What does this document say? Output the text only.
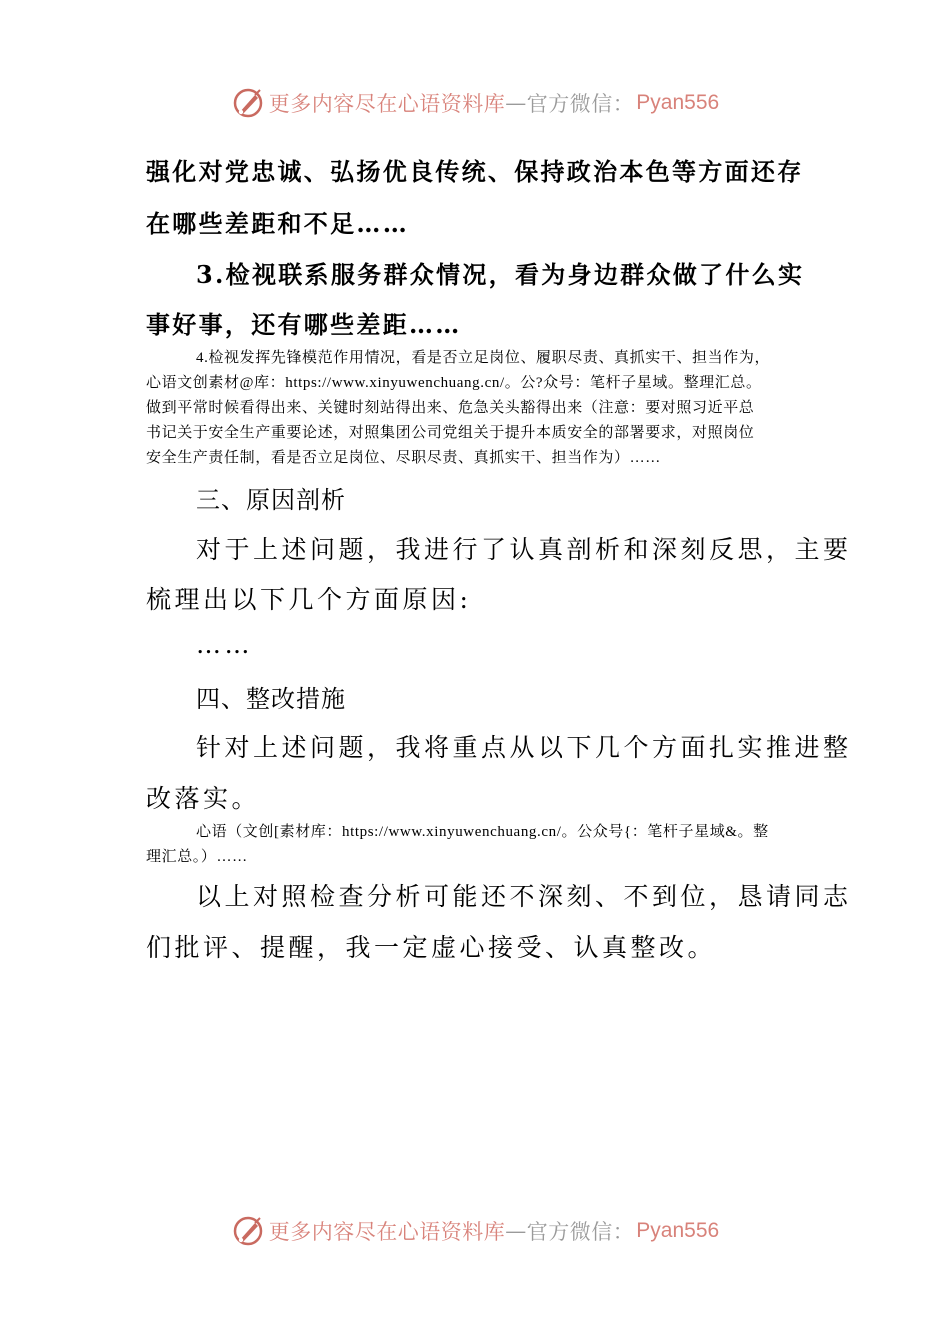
更多内容尽在心语资料库 — 官方微信： Pyan556
强化对党忠诚、弘扬优良传统、保持政治本色等方面还存
在哪些差距和不足……
3.检视联系服务群众情况，看为身边群众做了什么实
事好事，还有哪些差距……
4.检视发挥先锋模范作用情况，看是否立足岗位、履职尽责、真抓实干、担当作为，
心语文创素材@库：https://www.xinyuwenchuang.cn/。公?众号：笔杆子星域。整理汇总。
做到平常时候看得出来、关键时刻站得出来、危急关头豁得出来（注意：要对照习近平总
书记关于安全生产重要论述，对照集团公司党组关于提升本质安全的部署要求，对照岗位
安全生产责任制，看是否立足岗位、尽职尽责、真抓实干、担当作为）……
三、原因剖析
对于上述问题，我进行了认真剖析和深刻反思，主要
梳理出以下几个方面原因:
……
四、整改措施
针对上述问题，我将重点从以下几个方面扎实推进整
改落实。
心语（文创[素材库：https://www.xinyuwenchuang.cn/。公众号{：笔杆子星域&。整
理汇总。）……
以上对照检查分析可能还不深刻、不到位，恳请同志
们批评、提醒，我一定虚心接受、认真整改。
更多内容尽在心语资料库 — 官方微信： Pyan556
